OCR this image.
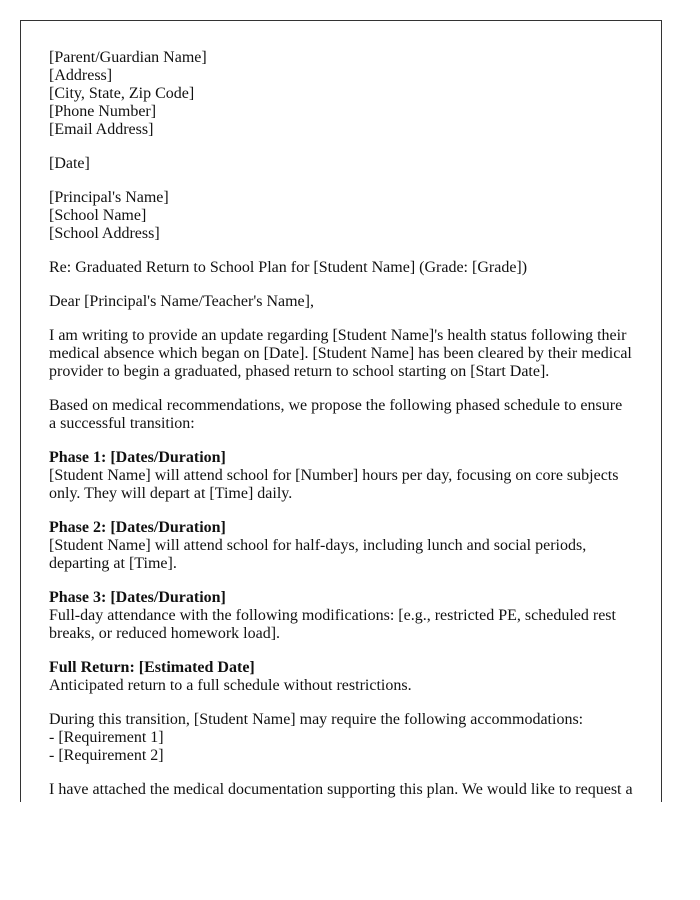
[Parent/Guardian Name]
[Address]
[City, State, Zip Code]
[Phone Number]
[Email Address]

[Date]

[Principal's Name]
[School Name]
[School Address]

Re: Graduated Return to School Plan for [Student Name] (Grade: [Grade])

Dear [Principal's Name/Teacher's Name],

I am writing to provide an update regarding [Student Name]'s health status following their medical absence which began on [Date]. [Student Name] has been cleared by their medical provider to begin a graduated, phased return to school starting on [Start Date].

Based on medical recommendations, we propose the following phased schedule to ensure a successful transition:

Phase 1: [Dates/Duration]
[Student Name] will attend school for [Number] hours per day, focusing on core subjects only. They will depart at [Time] daily.

Phase 2: [Dates/Duration]
[Student Name] will attend school for half-days, including lunch and social periods, departing at [Time].

Phase 3: [Dates/Duration]
Full-day attendance with the following modifications: [e.g., restricted PE, scheduled rest breaks, or reduced homework load].

Full Return: [Estimated Date]
Anticipated return to a full schedule without restrictions.

During this transition, [Student Name] may require the following accommodations:
- [Requirement 1]
- [Requirement 2]

I have attached the medical documentation supporting this plan. We would like to request a
